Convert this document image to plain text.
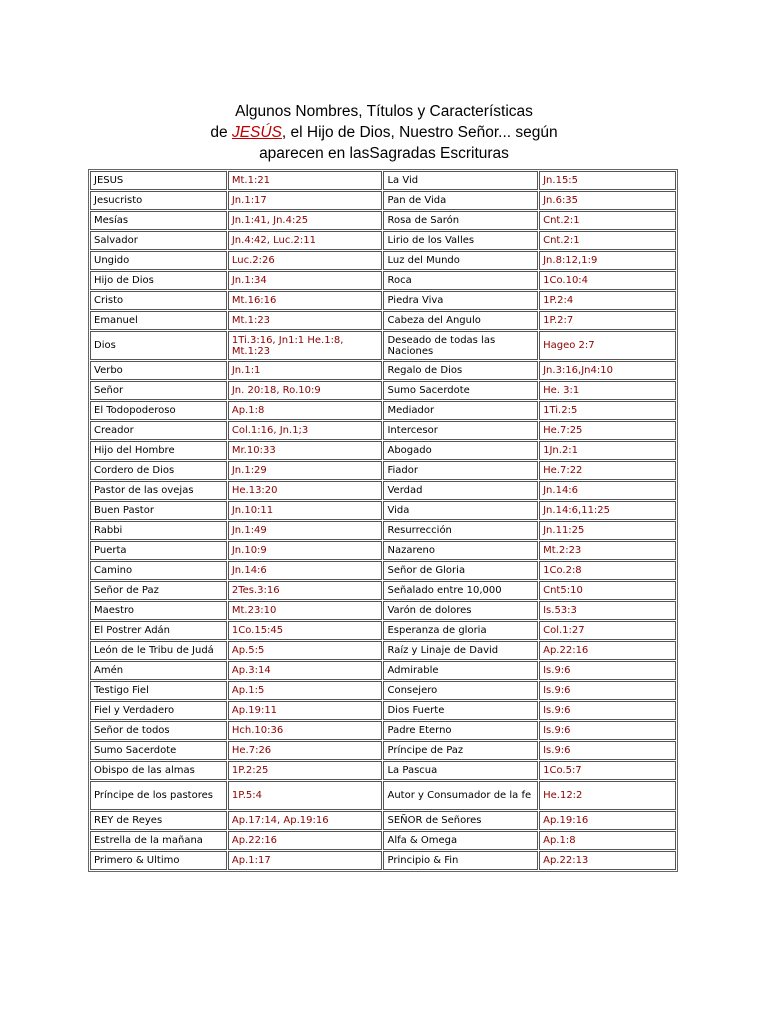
Algunos Nombres, Títulos y Características
de JESÚS, el Hijo de Dios, Nuestro Señor... según
aparecen en lasSagradas Escrituras
JESUS	Mt.1:21	La Vid	Jn.15:5
Jesucristo	Jn.1:17	Pan de Vida	Jn.6:35
Mesías	Jn.1:41, Jn.4:25	Rosa de Sarón	Cnt.2:1
Salvador	Jn.4:42, Luc.2:11	Lirio de los Valles	Cnt.2:1
Ungido	Luc.2:26	Luz del Mundo	Jn.8:12,1:9
Hijo de Dios	Jn.1:34	Roca	1Co.10:4
Cristo	Mt.16:16	Piedra Viva	1P.2:4
Emanuel	Mt.1:23	Cabeza del Angulo	1P.2:7
Dios	1Ti.3:16, Jn1:1 He.1:8, Mt.1:23	Deseado de todas las Naciones	Hageo 2:7
Verbo	Jn.1:1	Regalo de Dios	Jn.3:16,Jn4:10
Señor	Jn. 20:18, Ro.10:9	Sumo Sacerdote	He. 3:1
El Todopoderoso	Ap.1:8	Mediador	1Ti.2:5
Creador	Col.1:16, Jn.1;3	Intercesor	He.7:25
Hijo del Hombre	Mr.10:33	Abogado	1Jn.2:1
Cordero de Dios	Jn.1:29	Fiador	He.7:22
Pastor de las ovejas	He.13:20	Verdad	Jn.14:6
Buen Pastor	Jn.10:11	Vida	Jn.14:6,11:25
Rabbi	Jn.1:49	Resurrección	Jn.11:25
Puerta	Jn.10:9	Nazareno	Mt.2:23
Camino	Jn.14:6	Señor de Gloria	1Co.2:8
Señor de Paz	2Tes.3:16	Señalado entre 10,000	Cnt5:10
Maestro	Mt.23:10	Varón de dolores	Is.53:3
El Postrer Adán	1Co.15:45	Esperanza de gloria	Col.1:27
León de le Tribu de Judá	Ap.5:5	Raíz y Linaje de David	Ap.22:16
Amén	Ap.3:14	Admirable	Is.9:6
Testigo Fiel	Ap.1:5	Consejero	Is.9:6
Fiel y Verdadero	Ap.19:11	Dios Fuerte	Is.9:6
Señor de todos	Hch.10:36	Padre Eterno	Is.9:6
Sumo Sacerdote	He.7:26	Príncipe de Paz	Is.9:6
Obispo de las almas	1P.2:25	La Pascua	1Co.5:7
Príncipe de los pastores	1P.5:4	Autor y Consumador de la fe	He.12:2
REY de Reyes	Ap.17:14, Ap.19:16	SEÑOR de Señores	Ap.19:16
Estrella de la mañana	Ap.22:16	Alfa & Omega	Ap.1:8
Primero & Ultimo	Ap.1:17	Principio & Fin	Ap.22:13
